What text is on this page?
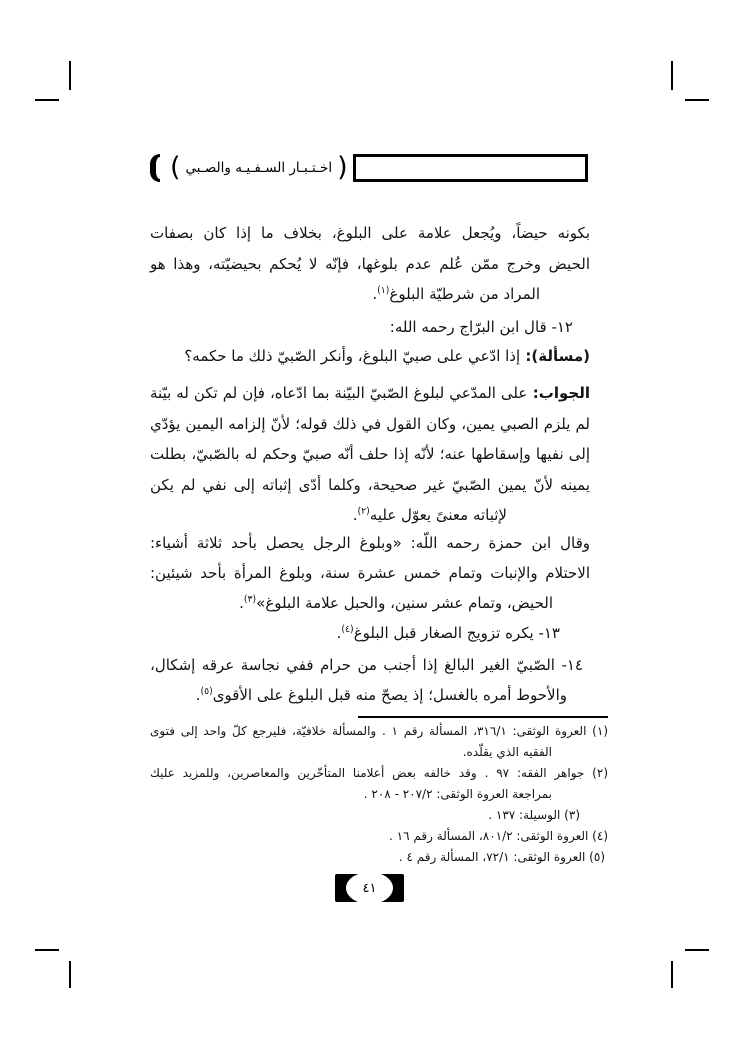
( اخـتـبـار السـفـيـه والصـبي )
بكونه حيضاً، ويُجعل علامة على البلوغ، بخلاف ما إذا كان بصفات
الحيض وخرج ممّن عُلم عدم بلوغها، فإنّه لا يُحكم بحيضيّته، وهذا هو
المراد من شرطيّة البلوغ$^{(١)}$.
١٢- قال ابن البرّاج رحمه الله:
(مسألة): إذا ادّعي على صبيّ البلوغ، وأنكر الصّبيّ ذلك ما حكمه؟
الجواب: على المدّعي لبلوغ الصّبيّ البيّنة بما ادّعاه، فإن لم تكن له بيّنة
لم يلزم الصبي يمين، وكان القول في ذلك قوله؛ لأنّ إلزامه اليمين يؤدّي
إلى نفيها وإسقاطها عنه؛ لأنّه إذا حلف أنّه صبيّ وحكم له بالصّبيّ، بطلت
يمينه لأنّ يمين الصّبيّ غير صحيحة، وكلما أدّى إثباته إلى نفي لم يكن
لإثباته معنىً يعوّل عليه$^{(٢)}$.
وقال ابن حمزة رحمه اللّه: «وبلوغ الرجل يحصل بأحد ثلاثة أشياء:
الاحتلام والإنبات وتمام خمس عشرة سنة، وبلوغ المرأة بأحد شيئين:
الحيض، وتمام عشر سنين، والحبل علامة البلوغ»$^{(٣)}$.
١٣- يكره تزويج الصغار قبل البلوغ$^{(٤)}$.
١٤- الصّبيّ الغير البالغ إذا أجنب من حرام ففي نجاسة عرقه إشكال،
والأحوط أمره بالغسل؛ إذ يصحّ منه قبل البلوغ على الأقوى$^{(٥)}$.
(١) العروة الوثقى: ٣١٦/١، المسألة رقم ١ . والمسألة خلافيّة، فليرجع كلّ واحد إلى فتوى
الفقيه الذي يقلّده.
(٢) جواهر الفقه: ٩٧ . وقد خالفه بعض أعلامنا المتأخّرين والمعاصرين، وللمزيد عليك
بمراجعة العروة الوثقى: ٢٠٧/٢ - ٢٠٨ .
(٣) الوسيلة: ١٣٧ .
(٤) العروة الوثقى: ٨٠١/٢، المسألة رقم ١٦ .
(٥) العروة الوثقى: ٧٢/١، المسألة رقم ٤ .
٤١
